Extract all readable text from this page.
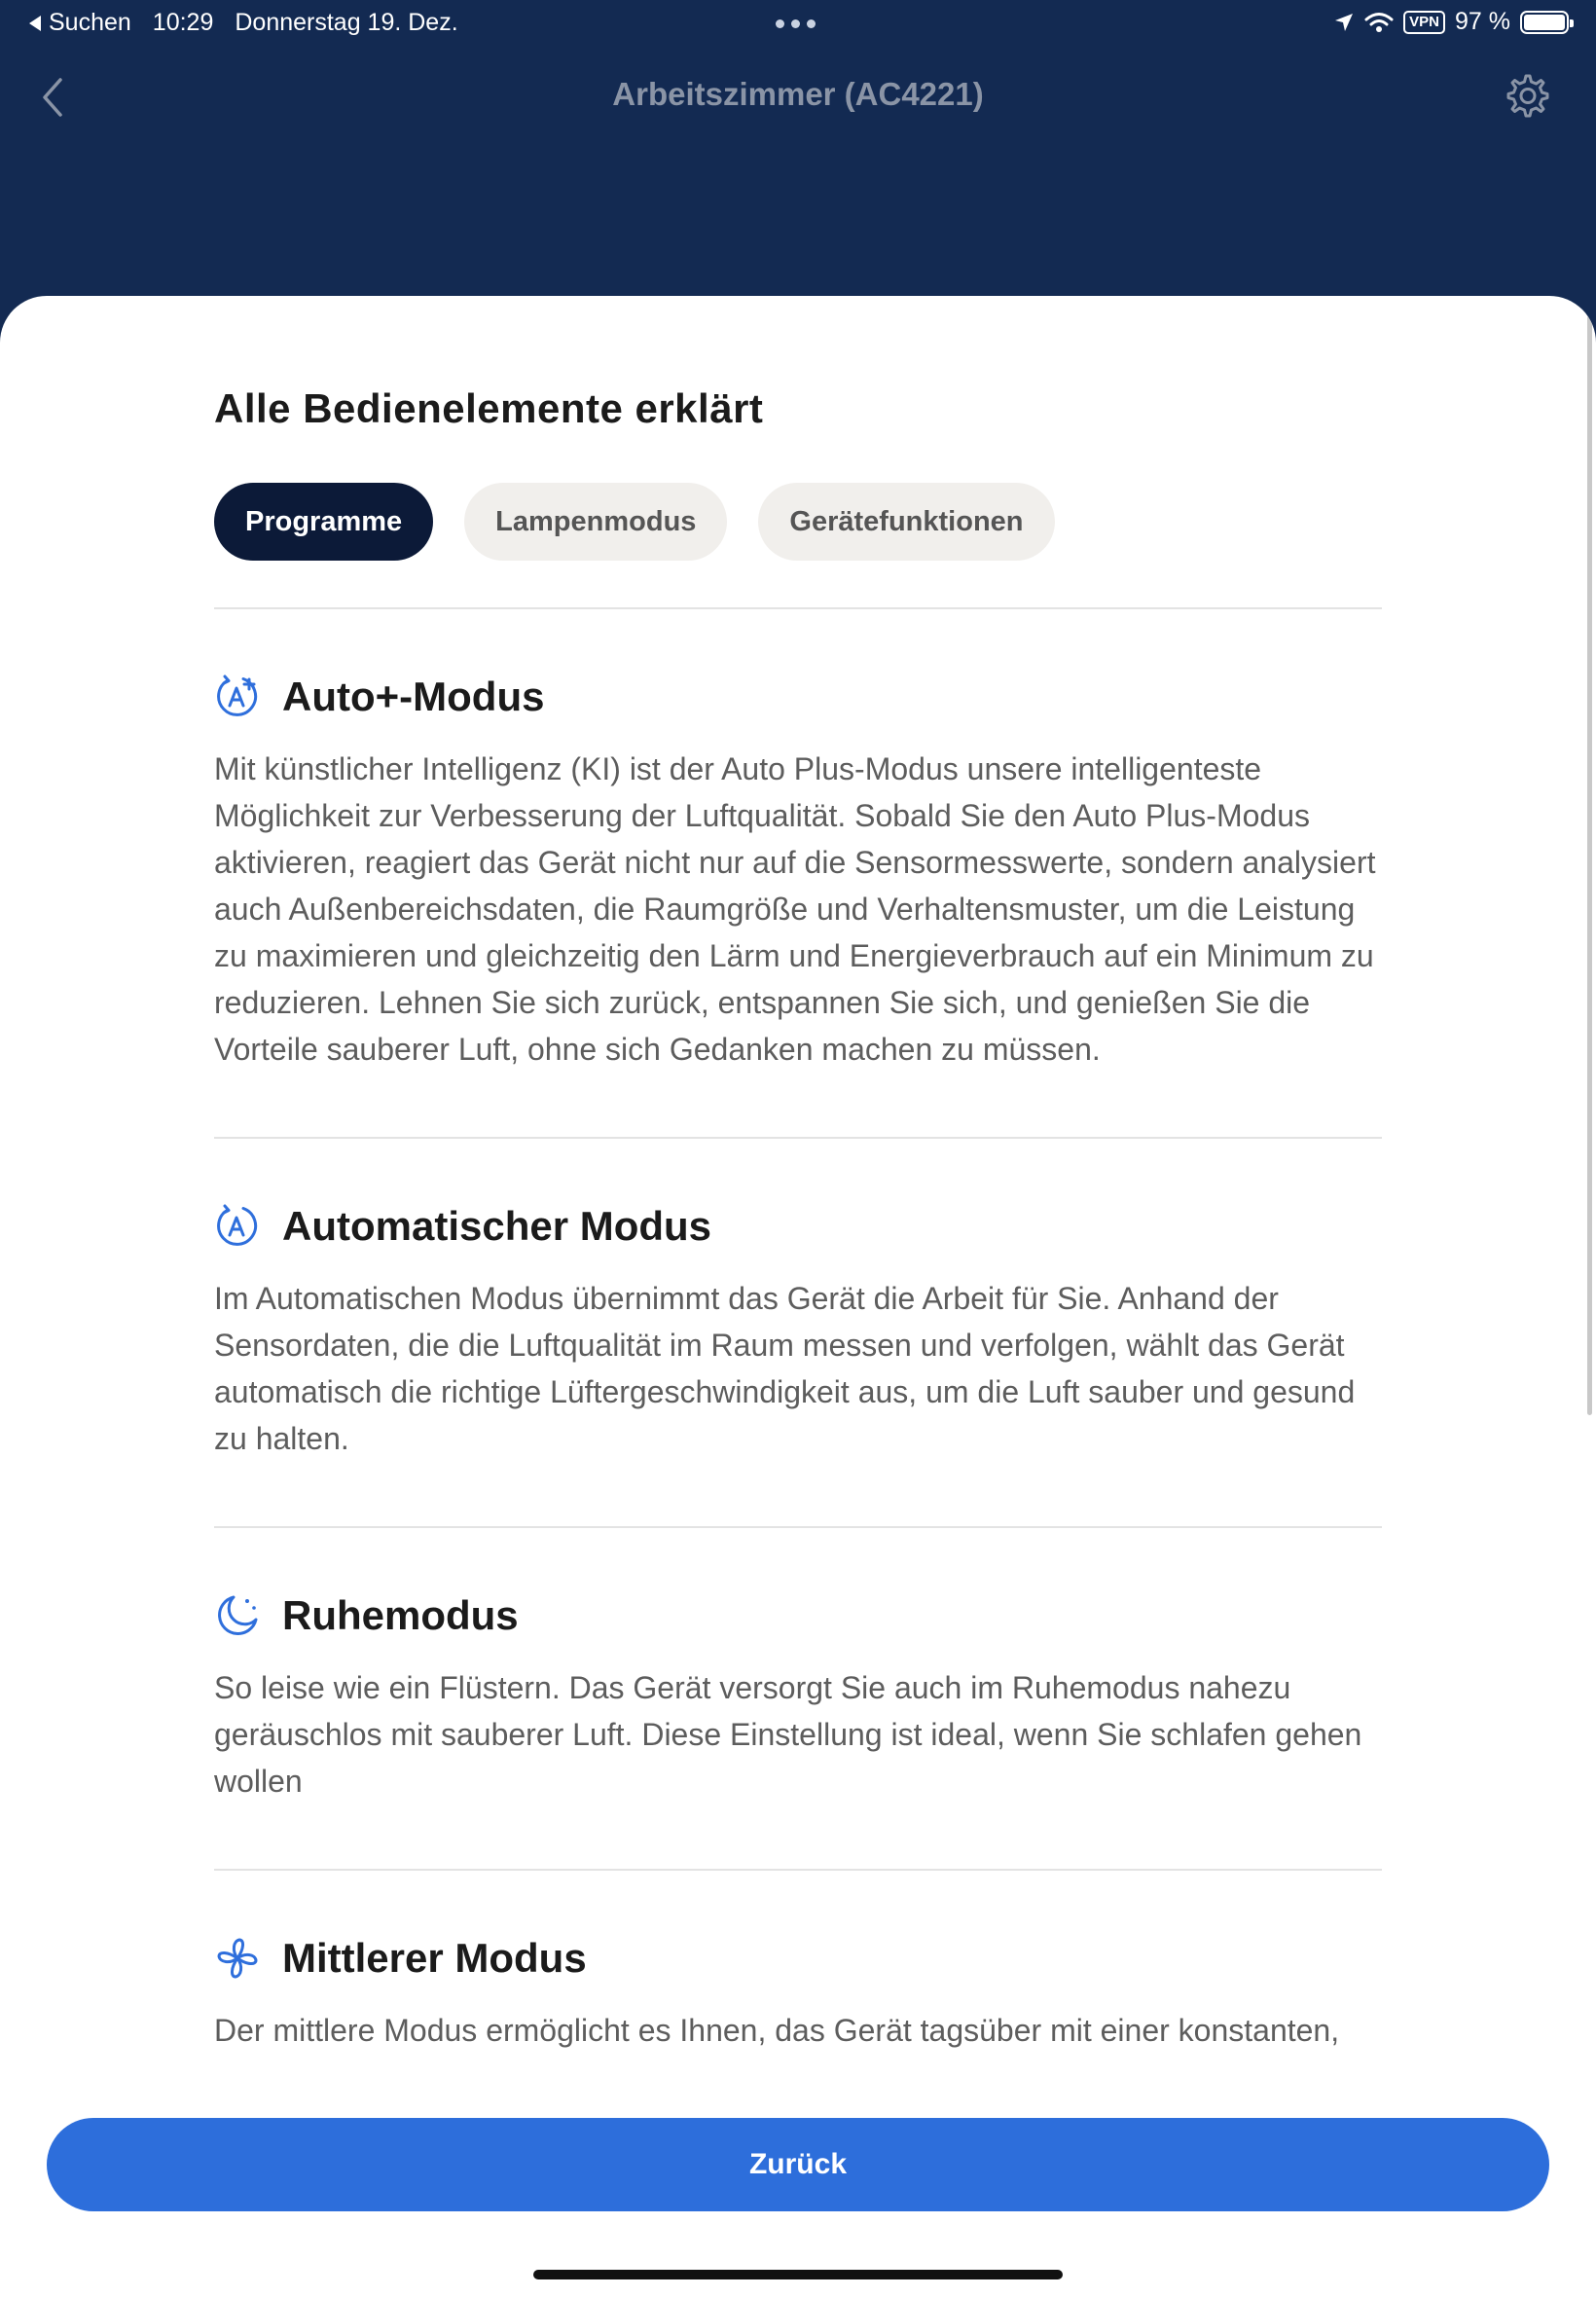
Suchen 10:29 Donnerstag 19. Dez.	VPN 97 %
Arbeitszimmer (AC4221)
Alle Bedienelemente erklärt
Programme	Lampenmodus	Gerätefunktionen
Auto+-Modus

Mit künstlicher Intelligenz (KI) ist der Auto Plus-Modus unsere intelligenteste Möglichkeit zur Verbesserung der Luftqualität. Sobald Sie den Auto Plus-Modus aktivieren, reagiert das Gerät nicht nur auf die Sensormesswerte, sondern analysiert auch Außenbereichsdaten, die Raumgröße und Verhaltensmuster, um die Leistung zu maximieren und gleichzeitig den Lärm und Energieverbrauch auf ein Minimum zu reduzieren. Lehnen Sie sich zurück, entspannen Sie sich, und genießen Sie die Vorteile sauberer Luft, ohne sich Gedanken machen zu müssen.

Automatischer Modus

Im Automatischen Modus übernimmt das Gerät die Arbeit für Sie. Anhand der Sensordaten, die die Luftqualität im Raum messen und verfolgen, wählt das Gerät automatisch die richtige Lüftergeschwindigkeit aus, um die Luft sauber und gesund zu halten.

Ruhemodus

So leise wie ein Flüstern. Das Gerät versorgt Sie auch im Ruhemodus nahezu geräuschlos mit sauberer Luft. Diese Einstellung ist ideal, wenn Sie schlafen gehen wollen

Mittlerer Modus

Der mittlere Modus ermöglicht es Ihnen, das Gerät tagsüber mit einer konstanten,

Zurück
